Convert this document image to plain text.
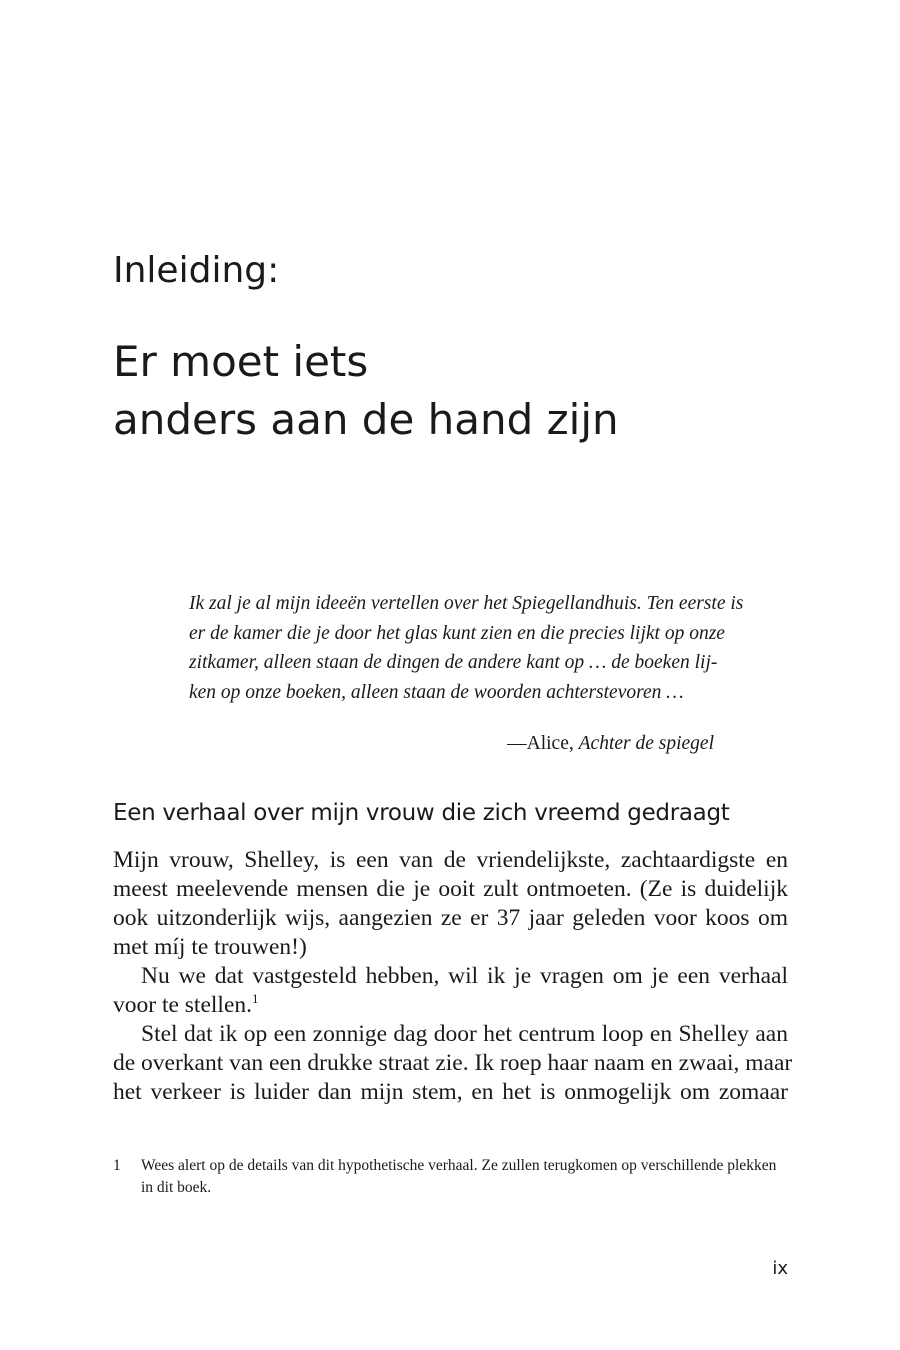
Inleiding:
Er moet iets
anders aan de hand zijn
Ik zal je al mijn ideeën vertellen over het Spiegellandhuis. Ten eerste is
er de kamer die je door het glas kunt zien en die precies lijkt op onze
zitkamer, alleen staan de dingen de andere kant op … de boeken lij-
ken op onze boeken, alleen staan de woorden achterstevoren …

—Alice, Achter de spiegel

Een verhaal over mijn vrouw die zich vreemd gedraagt
Mijn vrouw, Shelley, is een van de vriendelijkste, zachtaardigste en
meest meelevende mensen die je ooit zult ontmoeten. (Ze is duidelijk
ook uitzonderlijk wijs, aangezien ze er 37 jaar geleden voor koos om
met míj te trouwen!)
Nu we dat vastgesteld hebben, wil ik je vragen om je een verhaal
voor te stellen.$^1$
Stel dat ik op een zonnige dag door het centrum loop en Shelley aan
de overkant van een drukke straat zie. Ik roep haar naam en zwaai, maar
het verkeer is luider dan mijn stem, en het is onmogelijk om zomaar
1 Wees alert op de details van dit hypothetische verhaal. Ze zullen terugkomen op verschillende plekken
in dit boek.

ix
